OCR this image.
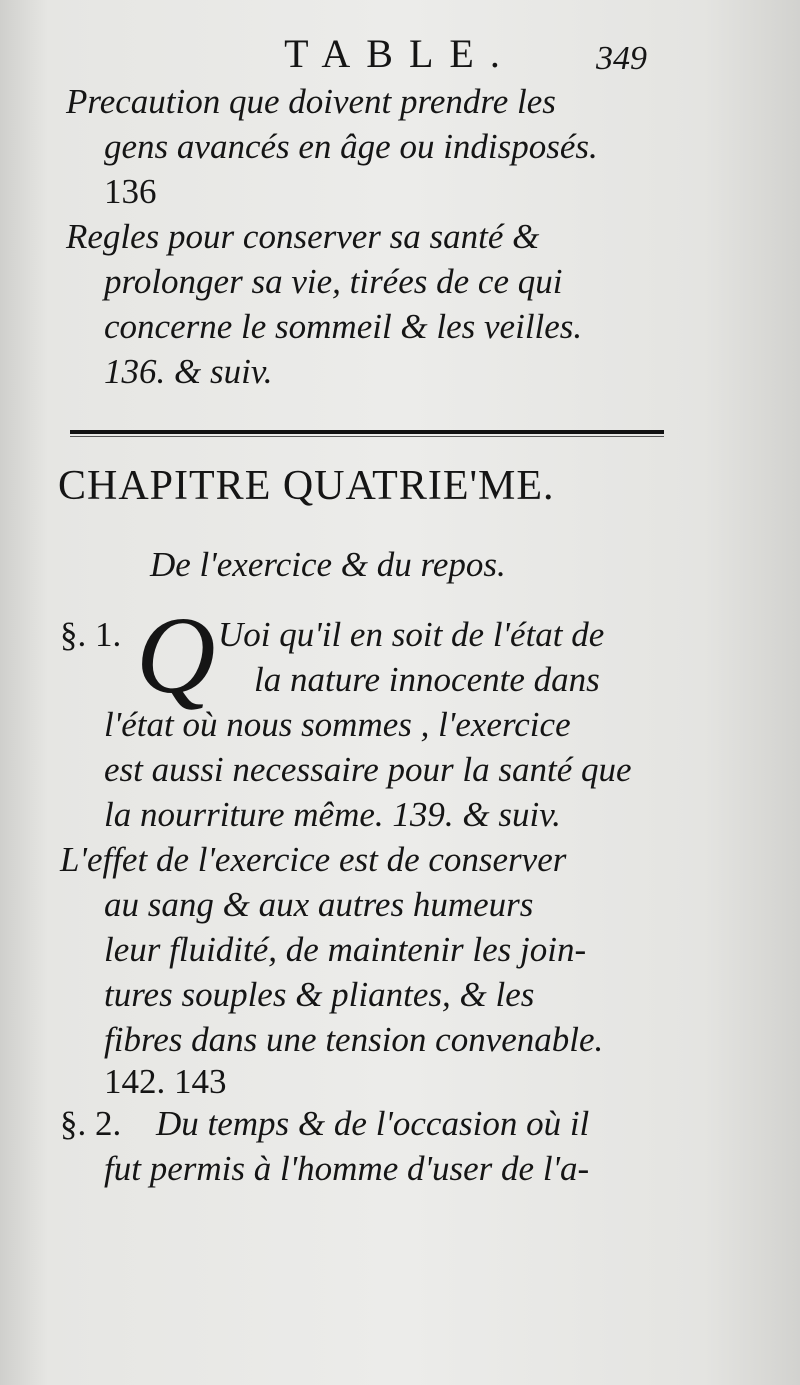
TABLE.	349
Precaution que doivent prendre les
gens avancés en âge ou indisposés.
136
Regles pour conserver sa santé &
prolonger sa vie, tirées de ce qui
concerne le sommeil & les veilles.
136. & suiv.
CHAPITRE QUATRIE'ME.
De l'exercice & du repos.
§. 1. Q Uoi qu'il en soit de l'état de
la nature innocente dans
l'état où nous sommes , l'exercice
est aussi necessaire pour la santé que
la nourriture même. 139. & suiv.
L'effet de l'exercice est de conserver
au sang & aux autres humeurs
leur fluidité, de maintenir les join-
tures souples & pliantes, & les
fibres dans une tension convenable.
142. 143
§. 2. Du temps & de l'occasion où il
fut permis à l'homme d'user de l'a-
